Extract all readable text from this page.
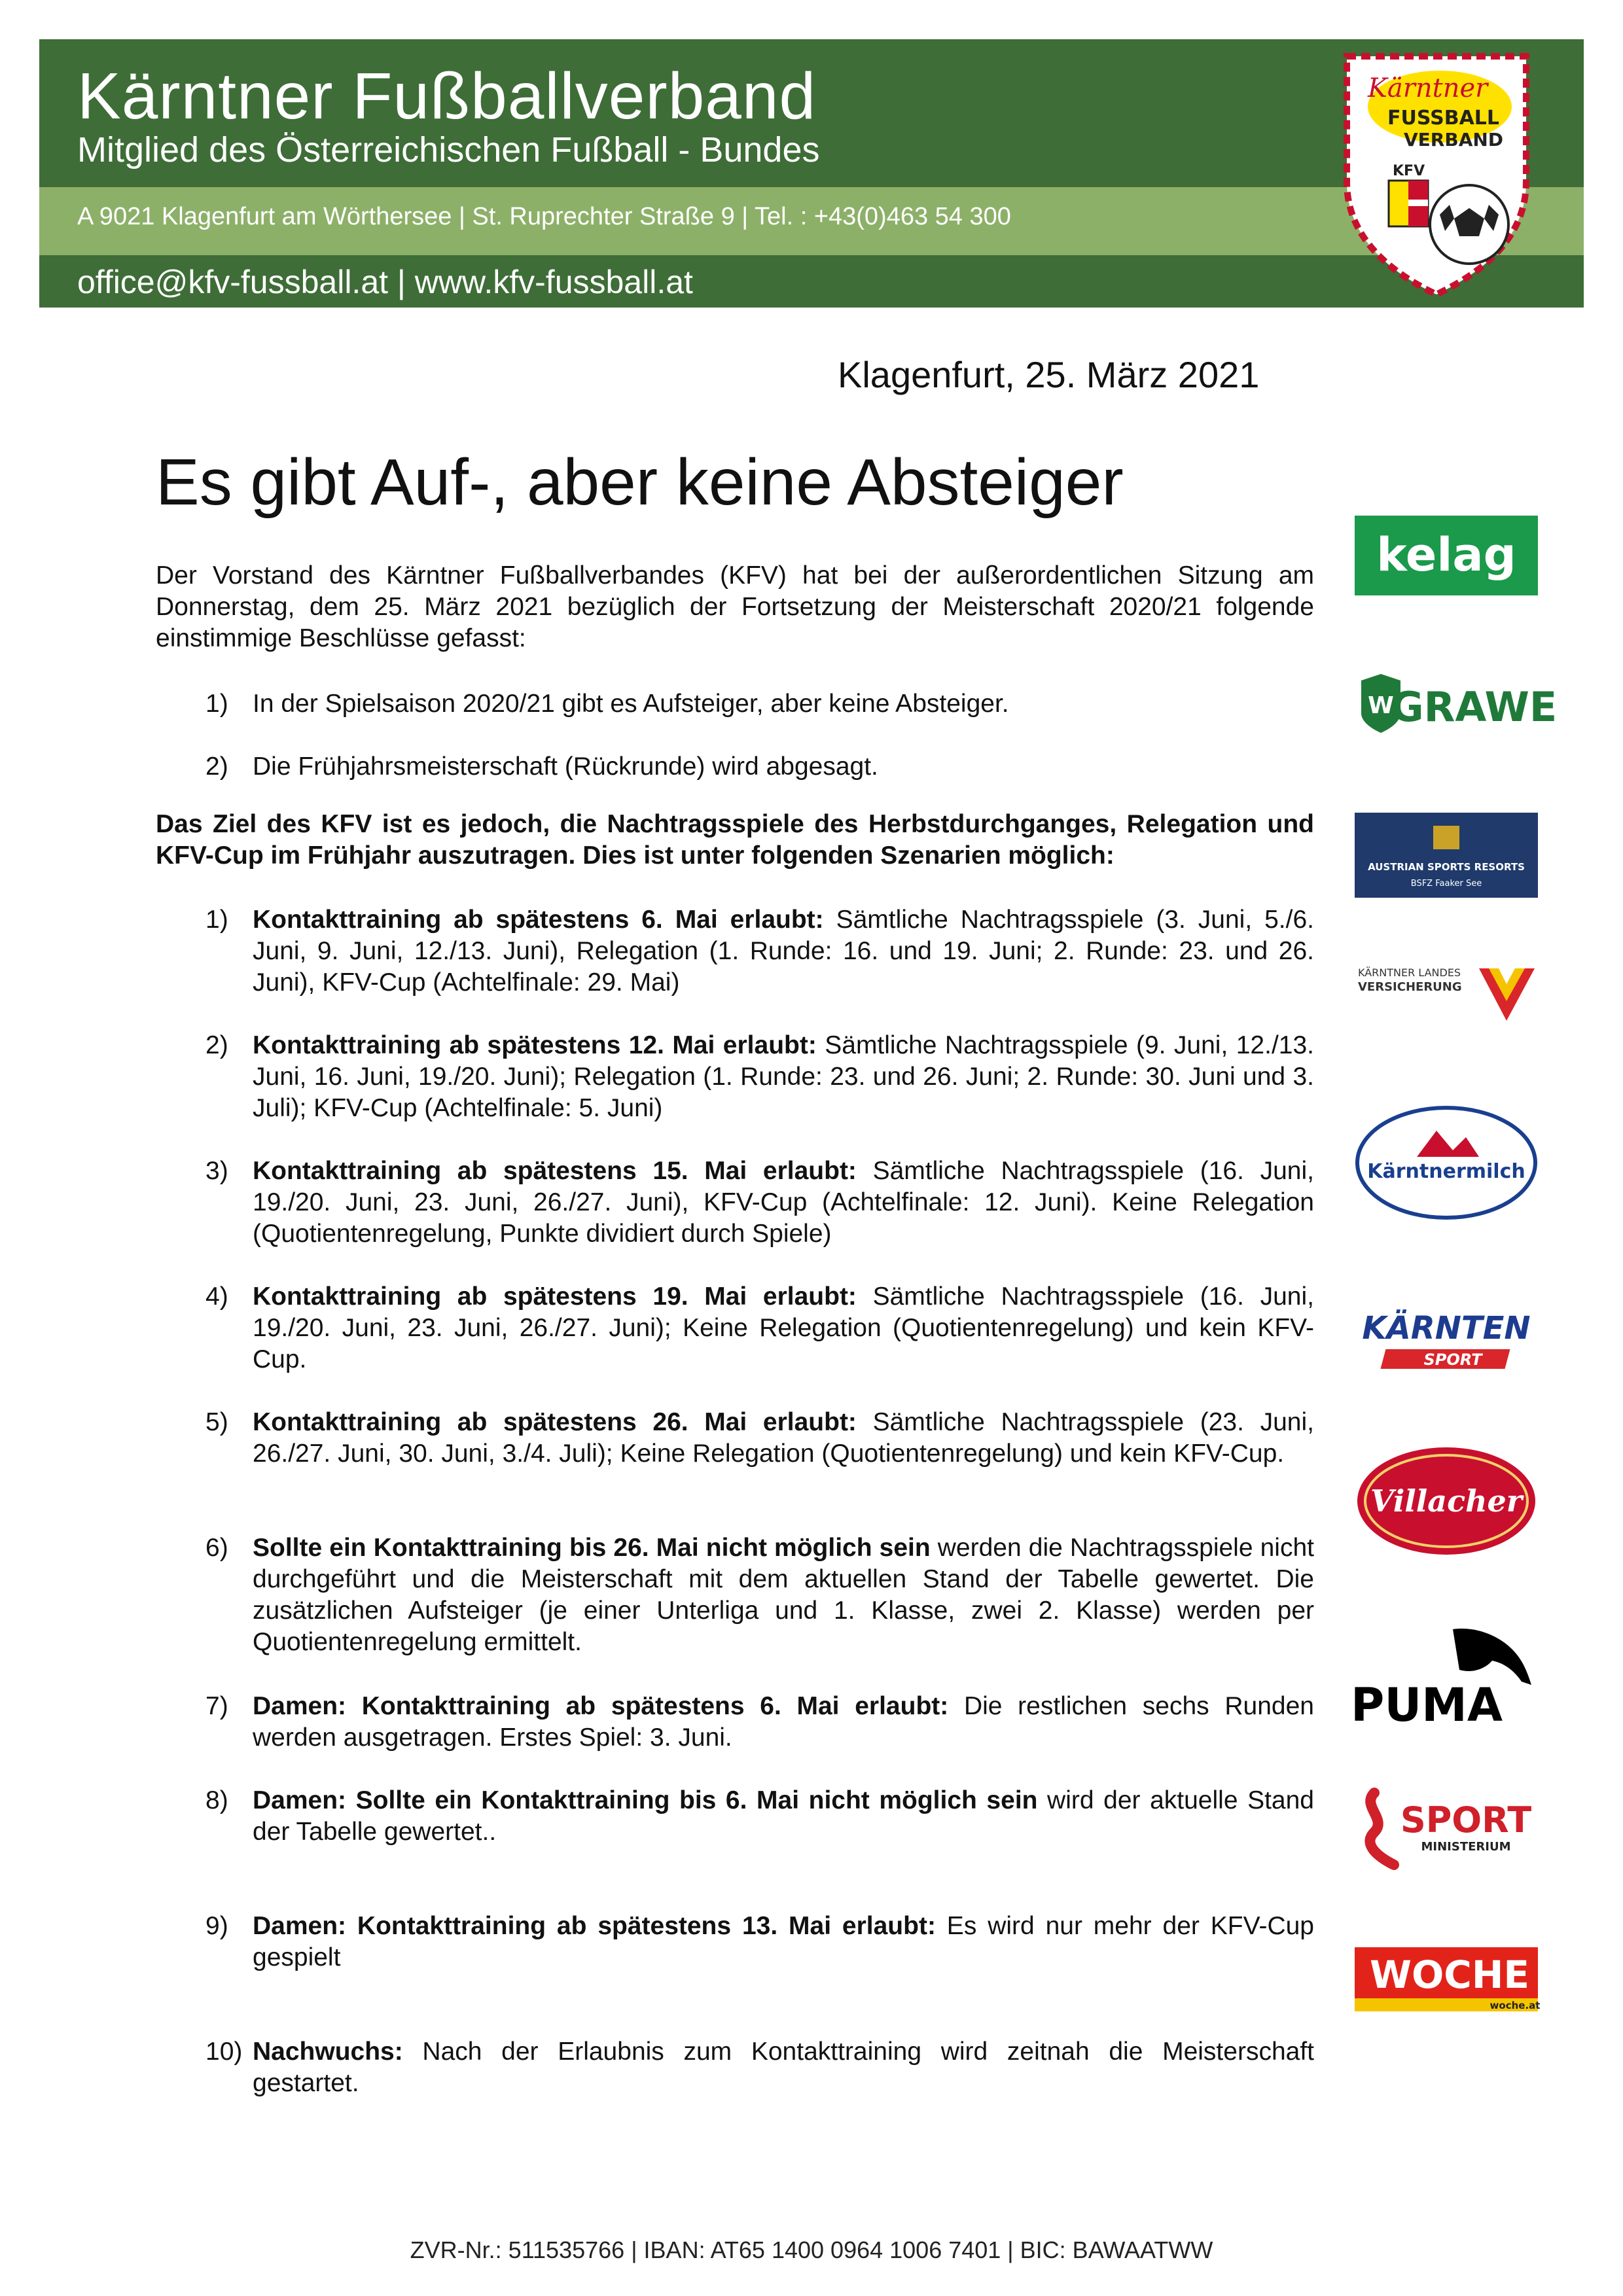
Kärntner Fußballverband
Mitglied des Österreichischen Fußball - Bundes
A 9021 Klagenfurt am Wörthersee | St. Ruprechter Straße 9 | Tel. : +43(0)463 54 300
office@kfv-fussball.at | www.kfv-fussball.at
Kärntner
FUSSBALL
VERBAND
KFV
Klagenfurt, 25. März 2021
Es gibt Auf-, aber keine Absteiger
Der Vorstand des Kärntner Fußballverbandes (KFV) hat bei der außerordentlichen Sitzung am Donnerstag, dem 25. März 2021 bezüglich der Fortsetzung der Meisterschaft 2020/21 folgende einstimmige Beschlüsse gefasst:
1) In der Spielsaison 2020/21 gibt es Aufsteiger, aber keine Absteiger.
2) Die Frühjahrsmeisterschaft (Rückrunde) wird abgesagt.
Das Ziel des KFV ist es jedoch, die Nachtragsspiele des Herbstdurchganges, Relegation und KFV-Cup im Frühjahr auszutragen. Dies ist unter folgenden Szenarien möglich:
1) Kontakttraining ab spätestens 6. Mai erlaubt: Sämtliche Nachtragsspiele (3. Juni, 5./6. Juni, 9. Juni, 12./13. Juni), Relegation (1. Runde: 16. und 19. Juni; 2. Runde: 23. und 26. Juni), KFV-Cup (Achtelfinale: 29. Mai)
2) Kontakttraining ab spätestens 12. Mai erlaubt: Sämtliche Nachtragsspiele (9. Juni, 12./13. Juni, 16. Juni, 19./20. Juni); Relegation (1. Runde: 23. und 26. Juni; 2. Runde: 30. Juni und 3. Juli); KFV-Cup (Achtelfinale: 5. Juni)
3) Kontakttraining ab spätestens 15. Mai erlaubt: Sämtliche Nachtragsspiele (16. Juni, 19./20. Juni, 23. Juni, 26./27. Juni), KFV-Cup (Achtelfinale: 12. Juni). Keine Relegation (Quotientenregelung, Punkte dividiert durch Spiele)
4) Kontakttraining ab spätestens 19. Mai erlaubt: Sämtliche Nachtragsspiele (16. Juni, 19./20. Juni, 23. Juni, 26./27. Juni); Keine Relegation (Quotientenregelung) und kein KFV-Cup.
5) Kontakttraining ab spätestens 26. Mai erlaubt: Sämtliche Nachtragsspiele (23. Juni, 26./27. Juni, 30. Juni, 3./4. Juli); Keine Relegation (Quotientenregelung) und kein KFV-Cup.
6) Sollte ein Kontakttraining bis 26. Mai nicht möglich sein werden die Nachtragsspiele nicht durchgeführt und die Meisterschaft mit dem aktuellen Stand der Tabelle gewertet. Die zusätzlichen Aufsteiger (je einer Unterliga und 1. Klasse, zwei 2. Klasse) werden per Quotientenregelung ermittelt.
7) Damen: Kontakttraining ab spätestens 6. Mai erlaubt: Die restlichen sechs Runden werden ausgetragen. Erstes Spiel: 3. Juni.
8) Damen: Sollte ein Kontakttraining bis 6. Mai nicht möglich sein wird der aktuelle Stand der Tabelle gewertet..
9) Damen: Kontakttraining ab spätestens 13. Mai erlaubt: Es wird nur mehr der KFV-Cup gespielt
10) Nachwuchs: Nach der Erlaubnis zum Kontakttraining wird zeitnah die Meisterschaft gestartet.
kelag
W
GRAWE
AUSTRIAN SPORTS RESORTS
BSFZ Faaker See
KÄRNTNER LANDES
VERSICHERUNG
Kärntnermilch
KÄRNTEN
SPORT
Villacher
PUMA
SPORT
MINISTERIUM
WOCHE
woche.at
ZVR-Nr.: 511535766 | IBAN: AT65 1400 0964 1006 7401 | BIC: BAWAATWW
